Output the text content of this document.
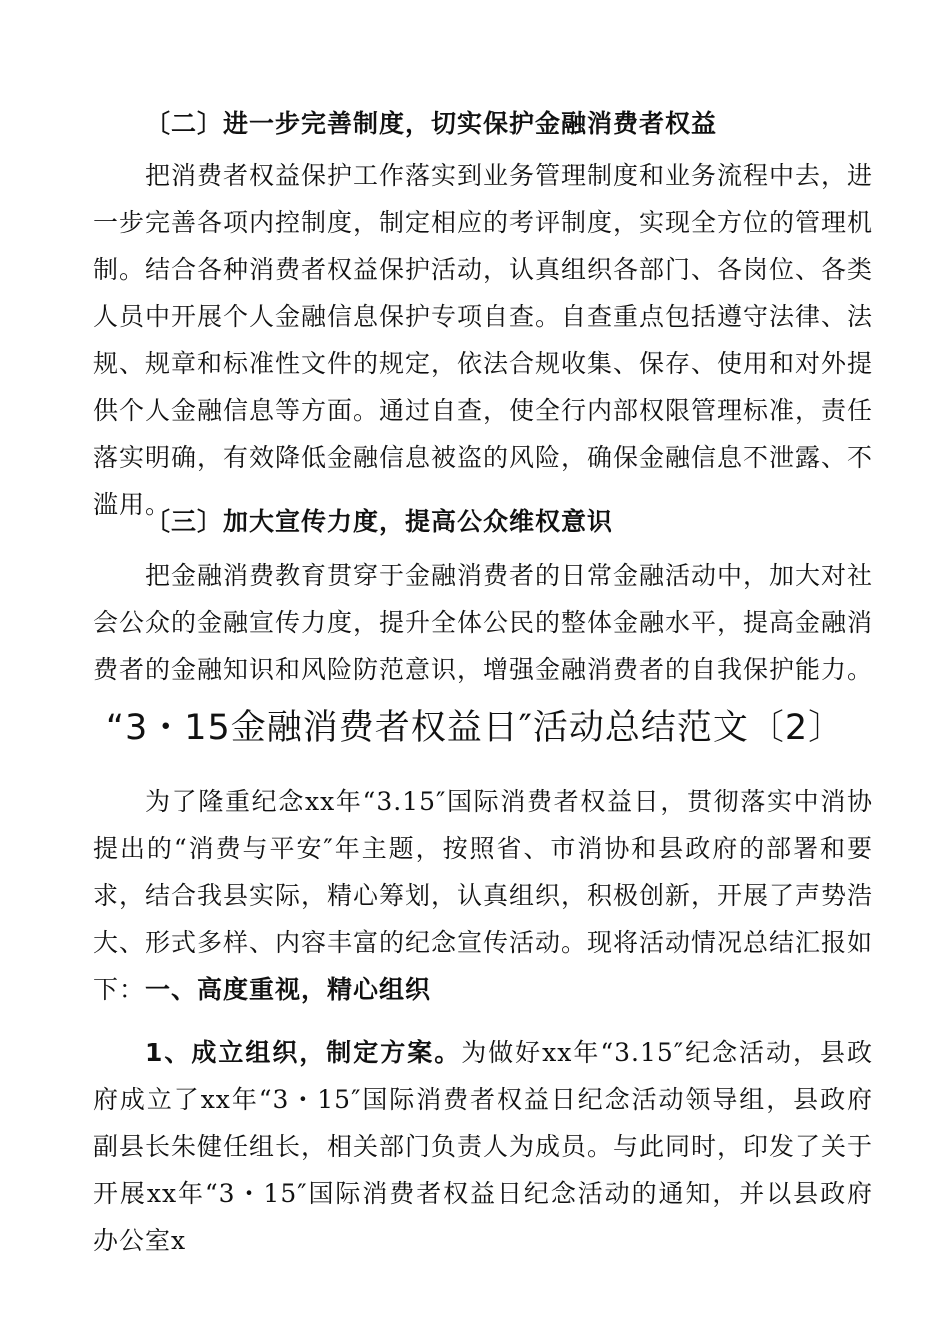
〔二〕进一步完善制度，切实保护金融消费者权益
把消费者权益保护工作落实到业务管理制度和业务流程中去，进一步完善各项内控制度，制定相应的考评制度，实现全方位的管理机制。结合各种消费者权益保护活动，认真组织各部门、各岗位、各类人员中开展个人金融信息保护专项自查。自查重点包括遵守法律、法规、规章和标准性文件的规定，依法合规收集、保存、使用和对外提供个人金融信息等方面。通过自查，使全行内部权限管理标准，责任落实明确，有效降低金融信息被盗的风险，确保金融信息不泄露、不滥用。
〔三〕加大宣传力度，提高公众维权意识
把金融消费教育贯穿于金融消费者的日常金融活动中，加大对社会公众的金融宣传力度，提升全体公民的整体金融水平，提高金融消费者的金融知识和风险防范意识，增强金融消费者的自我保护能力。
“3・15金融消费者权益日″活动总结范文〔2〕
为了隆重纪念xx年“3.15″国际消费者权益日，贯彻落实中消协提出的“消费与平安″年主题，按照省、市消协和县政府的部署和要求，结合我县实际，精心筹划，认真组织，积极创新，开展了声势浩大、形式多样、内容丰富的纪念宣传活动。现将活动情况总结汇报如下： 一、高度重视，精心组织
1、成立组织，制定方案。为做好xx年“3.15″纪念活动，县政府成立了xx年“3・15″国际消费者权益日纪念活动领导组，县政府副县长朱健任组长，相关部门负责人为成员。与此同时，印发了关于开展xx年“3・15″国际消费者权益日纪念活动的通知，并以县政府办公室x
